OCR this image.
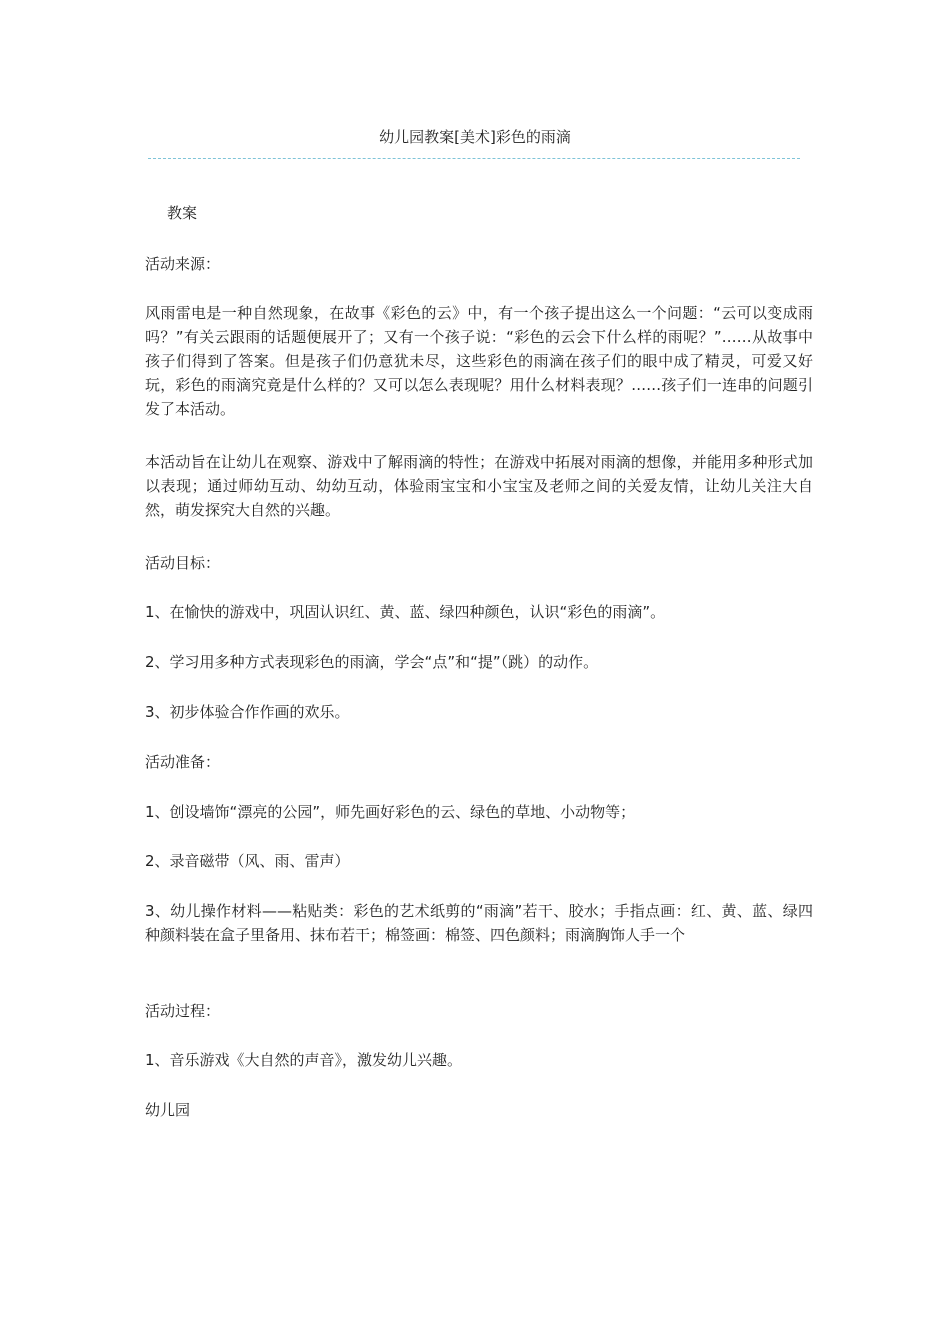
幼儿园教案[美术]彩色的雨滴

教案

活动来源：

风雨雷电是一种自然现象，在故事《彩色的云》中，有一个孩子提出这么一个问题：“云可以变成雨吗？”有关云跟雨的话题便展开了；又有一个孩子说：“彩色的云会下什么样的雨呢？”……从故事中孩子们得到了答案。但是孩子们仍意犹未尽，这些彩色的雨滴在孩子们的眼中成了精灵，可爱又好玩，彩色的雨滴究竟是什么样的？又可以怎么表现呢？用什么材料表现？……孩子们一连串的问题引发了本活动。

本活动旨在让幼儿在观察、游戏中了解雨滴的特性；在游戏中拓展对雨滴的想像，并能用多种形式加以表现；通过师幼互动、幼幼互动，体验雨宝宝和小宝宝及老师之间的关爱友情，让幼儿关注大自然，萌发探究大自然的兴趣。

活动目标：

1、在愉快的游戏中，巩固认识红、黄、蓝、绿四种颜色，认识“彩色的雨滴”。

2、学习用多种方式表现彩色的雨滴，学会“点”和“提”（跳）的动作。

3、初步体验合作作画的欢乐。

活动准备：

1、创设墙饰“漂亮的公园”，师先画好彩色的云、绿色的草地、小动物等；

2、录音磁带（风、雨、雷声）

3、幼儿操作材料——粘贴类：彩色的艺术纸剪的“雨滴”若干、胶水；手指点画：红、黄、蓝、绿四种颜料装在盒子里备用、抹布若干；棉签画：棉签、四色颜料；雨滴胸饰人手一个

活动过程：

1、音乐游戏《大自然的声音》，激发幼儿兴趣。

幼儿园
